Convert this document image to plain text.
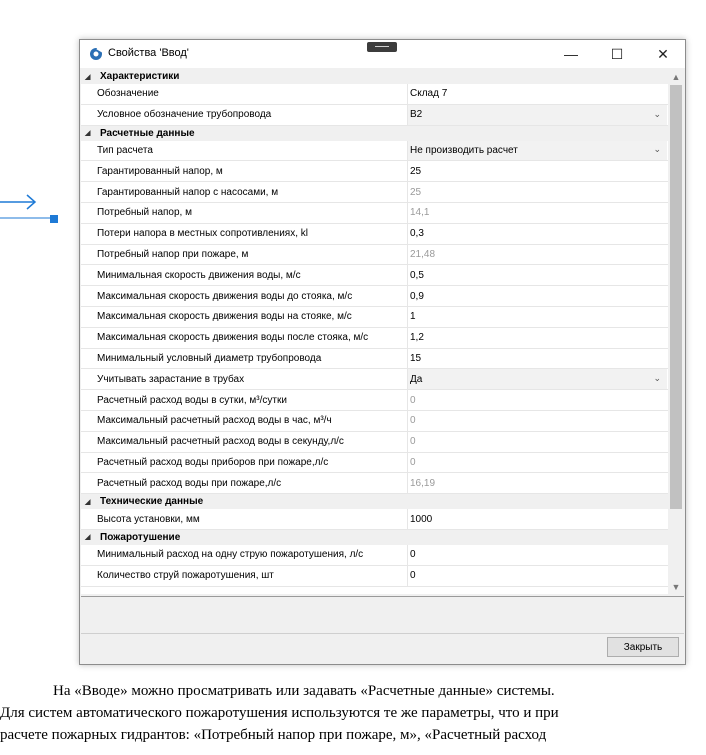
Свойства 'Ввод'	—	☐	✕
◢ Характеристики
Обозначение	Склад 7
Условное обозначение трубопровода	В2	⌄
◢ Расчетные данные
Тип расчета	Не производить расчет	⌄
Гарантированный напор, м	25
Гарантированный напор с насосами, м	25
Потребный напор, м	14,1
Потери напора в местных сопротивлениях, kl	0,3
Потребный напор при пожаре, м	21,48
Минимальная скорость движения воды, м/с	0,5
Максимальная скорость движения воды до стояка, м/с	0,9
Максимальная скорость движения воды на стояке, м/с	1
Максимальная скорость движения воды после стояка, м/с	1,2
Минимальный условный диаметр трубопровода	15
Учитывать зарастание в трубах	Да	⌄
Расчетный расход воды в сутки, м³/сутки	0
Максимальный расчетный расход воды в час, м³/ч	0
Максимальный расчетный расход воды в секунду,л/с	0
Расчетный расход воды приборов при пожаре,л/с	0
Расчетный расход воды при пожаре,л/с	16,19
◢ Технические данные
Высота установки, мм	1000
◢ Пожаротушение
Минимальный расход на одну струю пожаротушения, л/с	0
Количество струй пожаротушения, шт	0
▲
▼
Закрыть

На «Вводе» можно просматривать или задавать «Расчетные данные» системы.

Для систем автоматического пожаротушения используются те же параметры, что и при

расчете пожарных гидрантов: «Потребный напор при пожаре, м», «Расчетный расход
